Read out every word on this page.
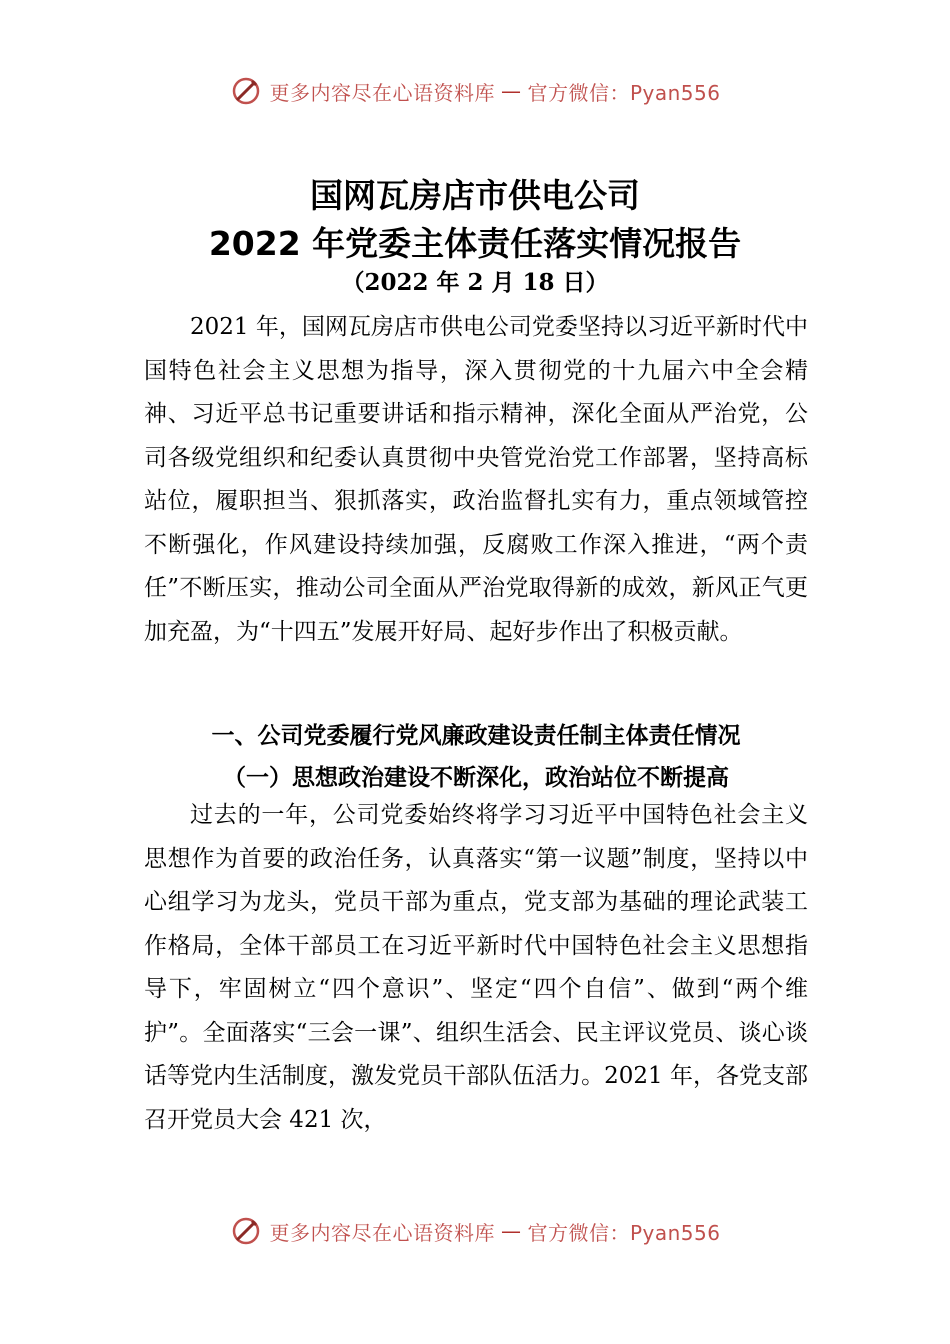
更多内容尽在心语资料库 — 官方微信：Pyan556
国网瓦房店市供电公司
2022 年党委主体责任落实情况报告
（2022 年 2 月 18 日）

2021 年，国网瓦房店市供电公司党委坚持以习近平新时代中国特色社会主义思想为指导，深入贯彻党的十九届六中全会精神、习近平总书记重要讲话和指示精神，深化全面从严治党，公司各级党组织和纪委认真贯彻中央管党治党工作部署，坚持高标站位，履职担当、狠抓落实，政治监督扎实有力，重点领域管控不断强化，作风建设持续加强，反腐败工作深入推进，“两个责任”不断压实，推动公司全面从严治党取得新的成效，新风正气更加充盈，为“十四五”发展开好局、起好步作出了积极贡献。

一、公司党委履行党风廉政建设责任制主体责任情况
（一）思想政治建设不断深化，政治站位不断提高

过去的一年，公司党委始终将学习习近平中国特色社会主义思想作为首要的政治任务，认真落实“第一议题”制度，坚持以中心组学习为龙头，党员干部为重点，党支部为基础的理论武装工作格局，全体干部员工在习近平新时代中国特色社会主义思想指导下，牢固树立“四个意识”、坚定“四个自信”、做到“两个维护”。全面落实“三会一课”、组织生活会、民主评议党员、谈心谈话等党内生活制度，激发党员干部队伍活力。2021 年，各党支部召开党员大会 421 次，

更多内容尽在心语资料库 — 官方微信：Pyan556
